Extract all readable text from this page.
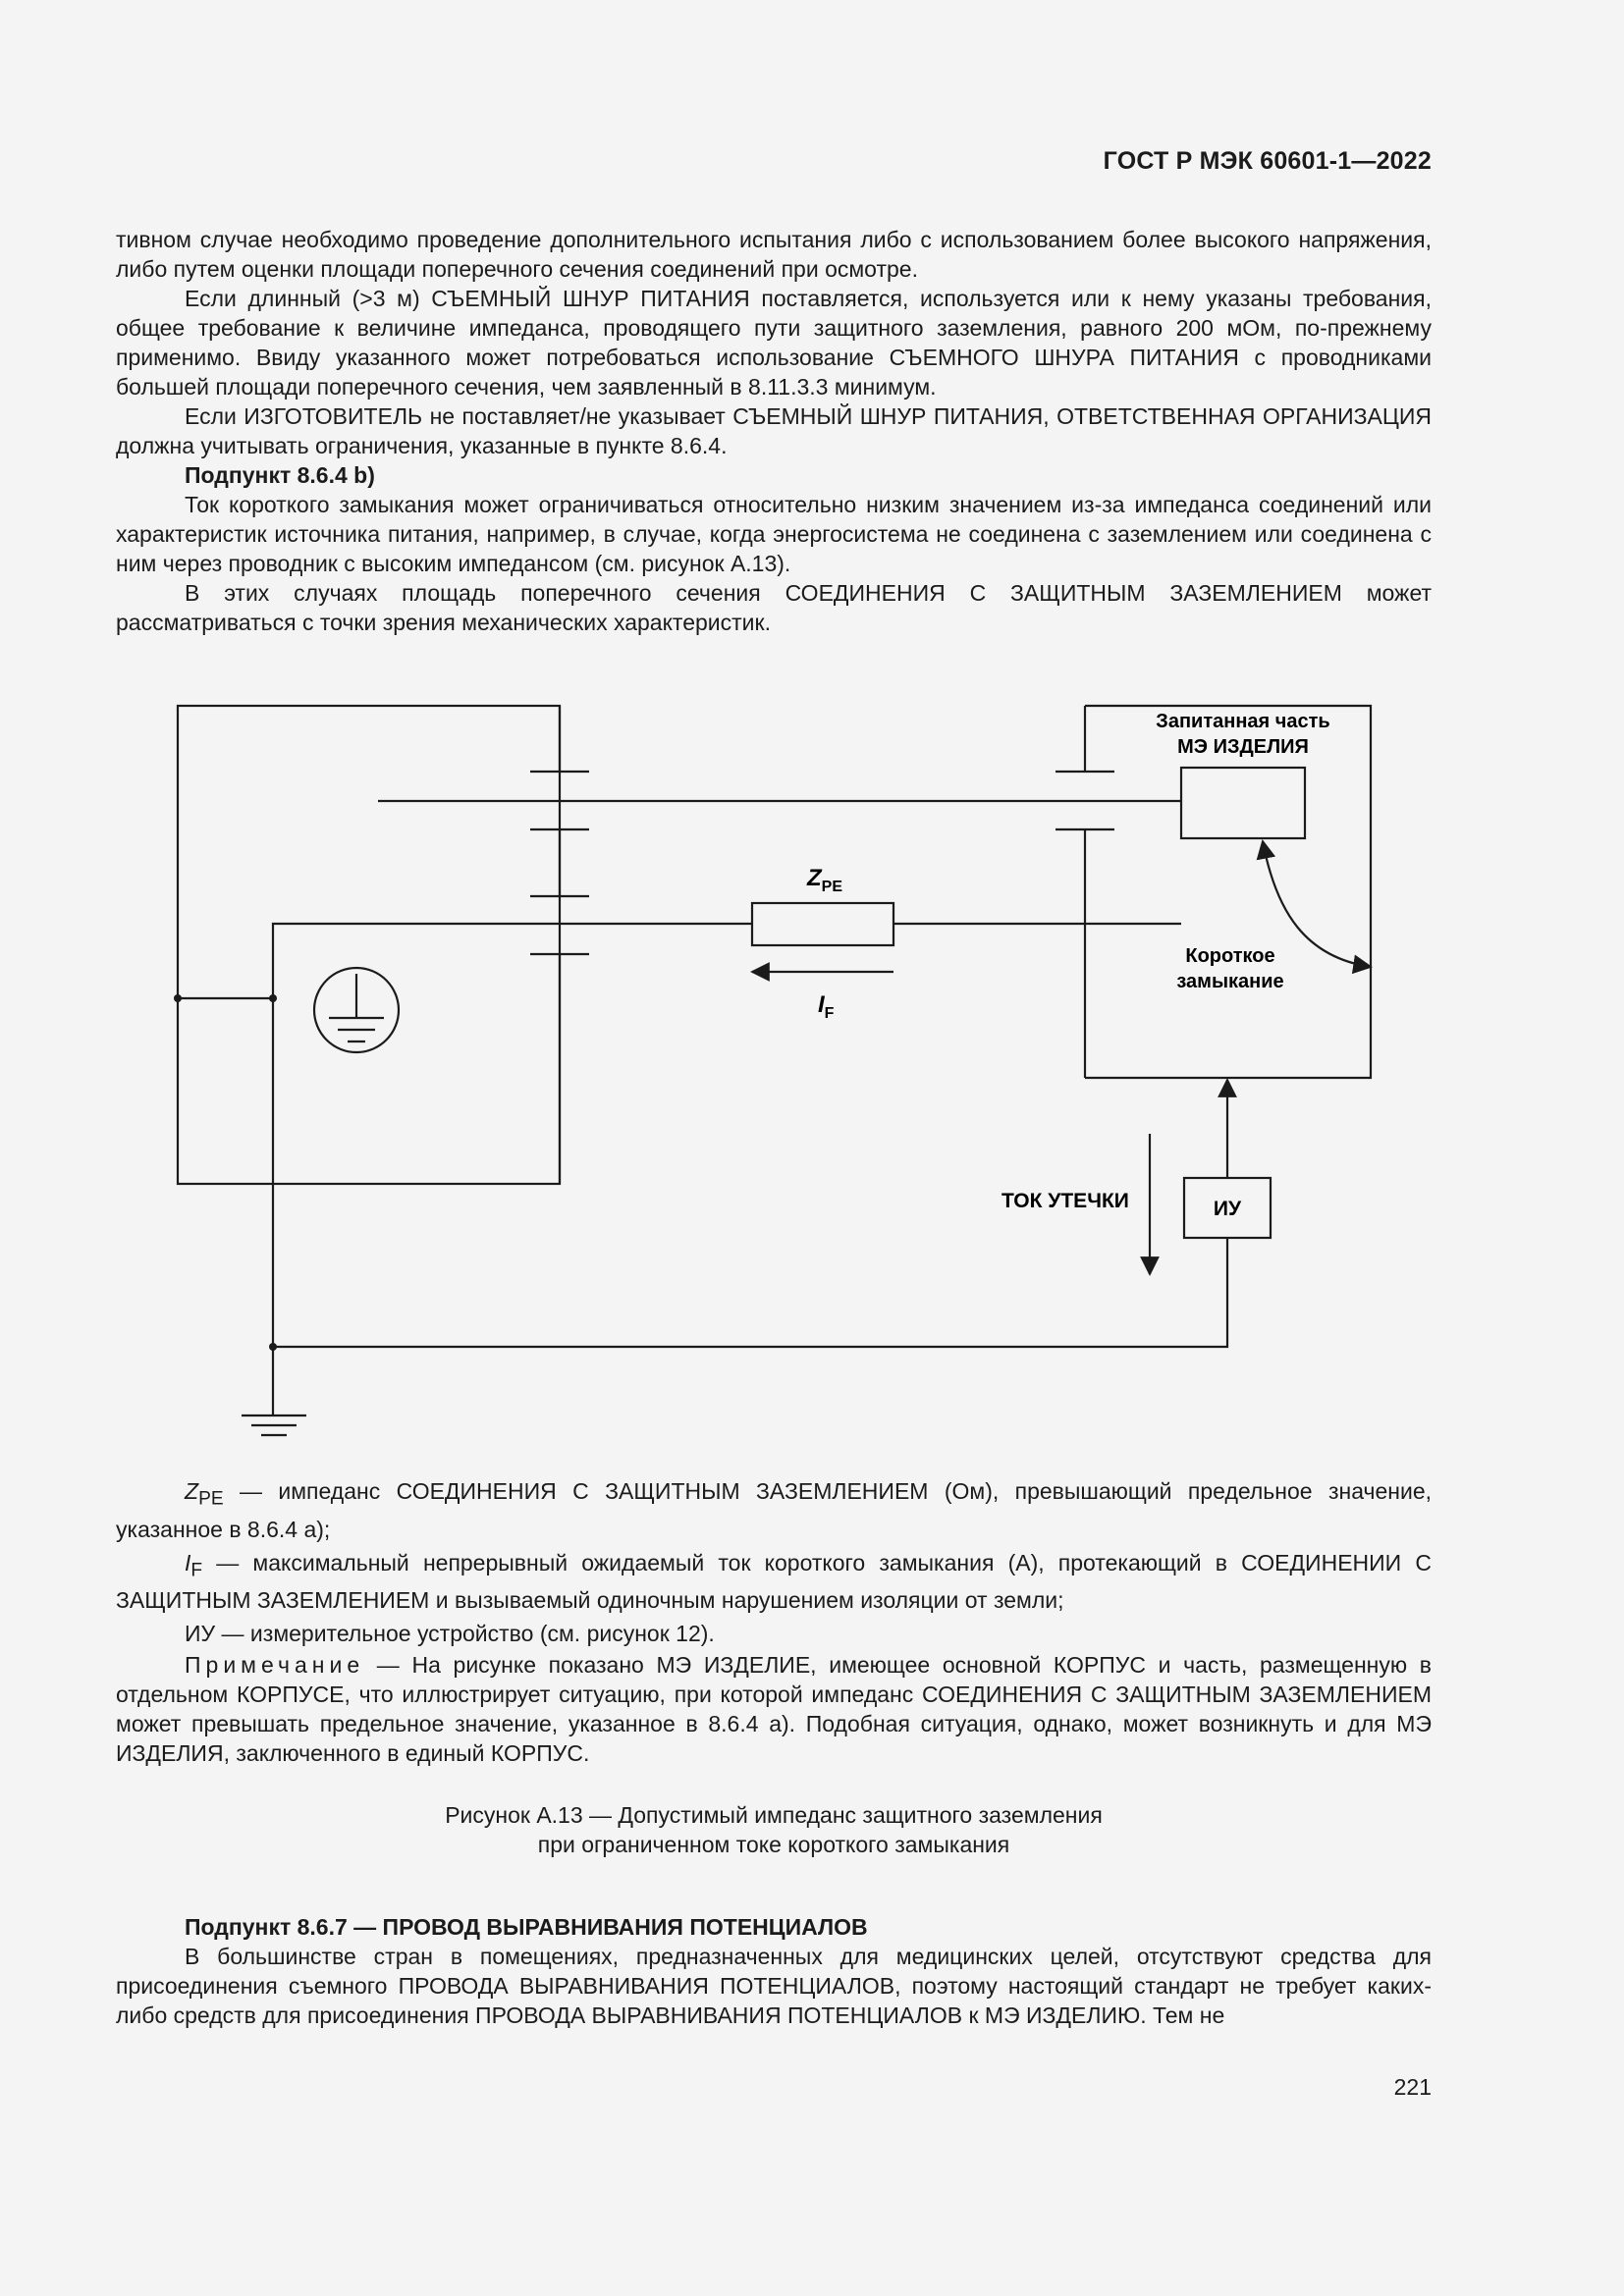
ГОСТ Р МЭК 60601-1—2022

тивном случае необходимо проведение дополнительного испытания либо с использованием более высокого напряжения, либо путем оценки площади поперечного сечения соединений при осмотре.

Если длинный (>3 м) СЪЕМНЫЙ ШНУР ПИТАНИЯ поставляется, используется или к нему указаны требования, общее требование к величине импеданса, проводящего пути защитного заземления, равного 200 мОм, по-прежнему применимо. Ввиду указанного может потребоваться использование СЪЕМНОГО ШНУРА ПИТАНИЯ с проводниками большей площади поперечного сечения, чем заявленный в 8.11.3.3 минимум.

Если ИЗГОТОВИТЕЛЬ не поставляет/не указывает СЪЕМНЫЙ ШНУР ПИТАНИЯ, ОТВЕТСТВЕННАЯ ОРГАНИЗАЦИЯ должна учитывать ограничения, указанные в пункте 8.6.4.

Подпункт 8.6.4 b)

Ток короткого замыкания может ограничиваться относительно низким значением из-за импеданса соединений или характеристик источника питания, например, в случае, когда энергосистема не соединена с заземлением или соединена с ним через проводник с высоким импедансом (см. рисунок А.13).

В этих случаях площадь поперечного сечения СОЕДИНЕНИЯ С ЗАЩИТНЫМ ЗАЗЕМЛЕНИЕМ может рассматриваться с точки зрения механических характеристик.

Запитанная часть
МЭ ИЗДЕЛИЯ
$Z_{PE}$
$I_F$
Короткое
замыкание
ТОК УТЕЧКИ	ИУ

$Z_{PE}$ — импеданс СОЕДИНЕНИЯ С ЗАЩИТНЫМ ЗАЗЕМЛЕНИЕМ (Ом), превышающий предельное значение, указанное в 8.6.4 а);

$I_F$ — максимальный непрерывный ожидаемый ток короткого замыкания (А), протекающий в СОЕДИНЕНИИ С ЗАЩИТНЫМ ЗАЗЕМЛЕНИЕМ и вызываемый одиночным нарушением изоляции от земли;

ИУ — измерительное устройство (см. рисунок 12).

Примечание — На рисунке показано МЭ ИЗДЕЛИЕ, имеющее основной КОРПУС и часть, размещенную в отдельном КОРПУСЕ, что иллюстрирует ситуацию, при которой импеданс СОЕДИНЕНИЯ С ЗАЩИТНЫМ ЗАЗЕМЛЕНИЕМ может превышать предельное значение, указанное в 8.6.4 а). Подобная ситуация, однако, может возникнуть и для МЭ ИЗДЕЛИЯ, заключенного в единый КОРПУС.

Рисунок А.13 — Допустимый импеданс защитного заземления
при ограниченном токе короткого замыкания

Подпункт 8.6.7 — ПРОВОД ВЫРАВНИВАНИЯ ПОТЕНЦИАЛОВ

В большинстве стран в помещениях, предназначенных для медицинских целей, отсутствуют средства для присоединения съемного ПРОВОДА ВЫРАВНИВАНИЯ ПОТЕНЦИАЛОВ, поэтому настоящий стандарт не требует каких-либо средств для присоединения ПРОВОДА ВЫРАВНИВАНИЯ ПОТЕНЦИАЛОВ к МЭ ИЗДЕЛИЮ. Тем не

221
